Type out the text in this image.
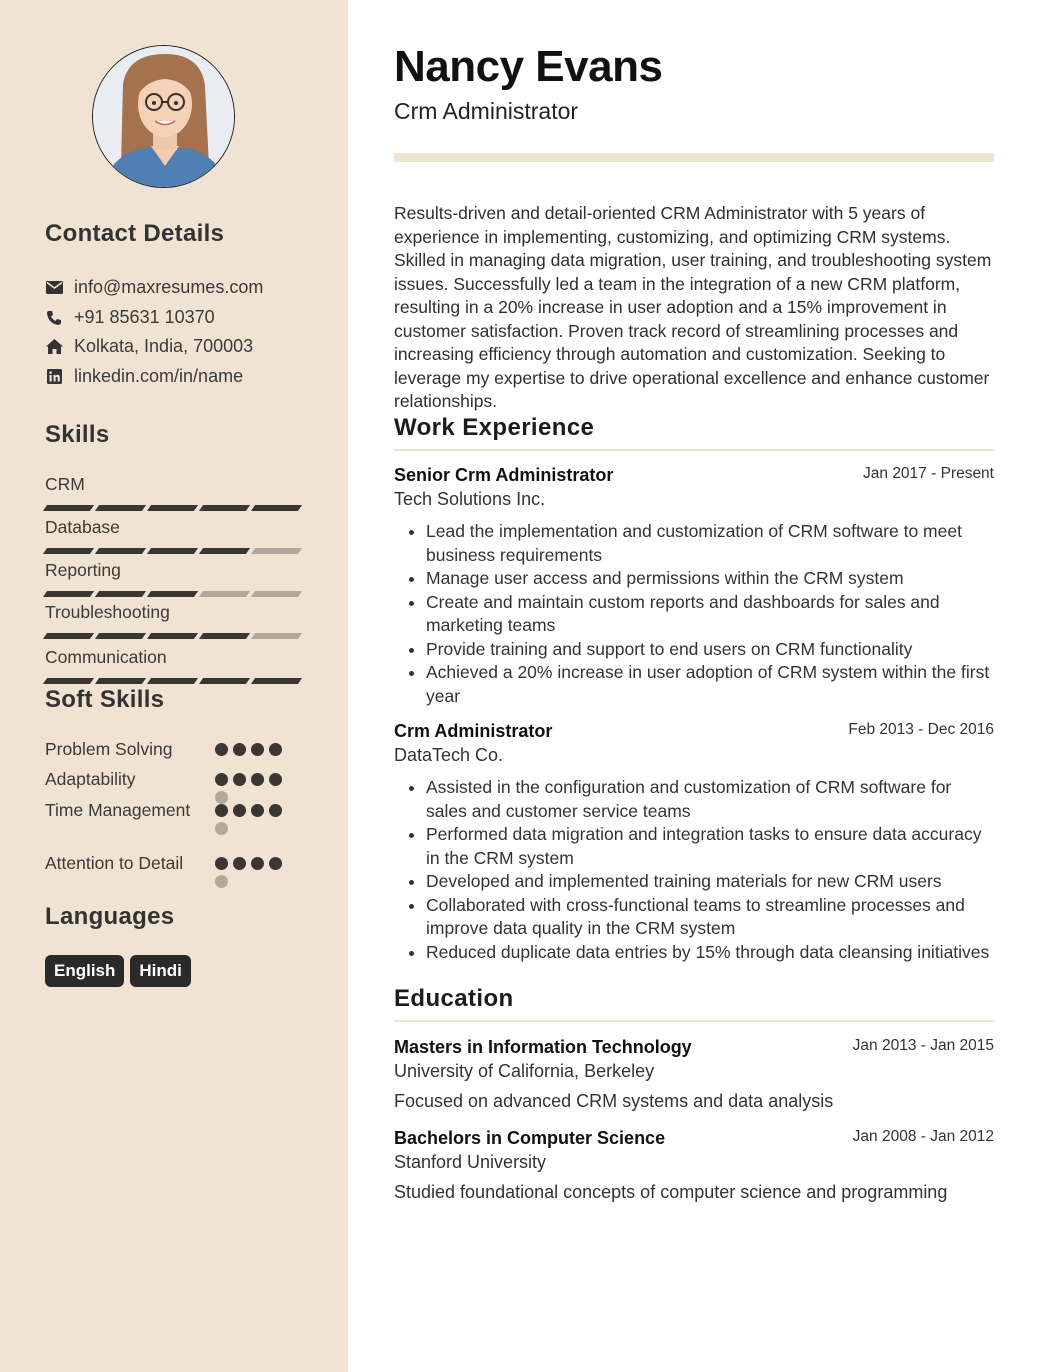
Contact Details
info@maxresumes.com
+91 85631 10370
Kolkata, India, 700003
linkedin.com/in/name
Skills
CRM
Database
Reporting
Troubleshooting
Communication
Soft Skills
Problem Solving
Adaptability
Time Management
Attention to Detail
Languages
English	Hindi
Nancy Evans
Crm Administrator
Results-driven and detail-oriented CRM Administrator with 5 years of experience in implementing, customizing, and optimizing CRM systems. Skilled in managing data migration, user training, and troubleshooting system issues. Successfully led a team in the integration of a new CRM platform, resulting in a 20% increase in user adoption and a 15% improvement in customer satisfaction. Proven track record of streamlining processes and increasing efficiency through automation and customization. Seeking to leverage my expertise to drive operational excellence and enhance customer relationships.
Work Experience
Senior Crm Administrator	Jan 2017 - Present
Tech Solutions Inc.
• Lead the implementation and customization of CRM software to meet business requirements
• Manage user access and permissions within the CRM system
• Create and maintain custom reports and dashboards for sales and marketing teams
• Provide training and support to end users on CRM functionality
• Achieved a 20% increase in user adoption of CRM system within the first year
Crm Administrator	Feb 2013 - Dec 2016
DataTech Co.
• Assisted in the configuration and customization of CRM software for sales and customer service teams
• Performed data migration and integration tasks to ensure data accuracy in the CRM system
• Developed and implemented training materials for new CRM users
• Collaborated with cross-functional teams to streamline processes and improve data quality in the CRM system
• Reduced duplicate data entries by 15% through data cleansing initiatives
Education
Masters in Information Technology	Jan 2013 - Jan 2015
University of California, Berkeley
Focused on advanced CRM systems and data analysis
Bachelors in Computer Science	Jan 2008 - Jan 2012
Stanford University
Studied foundational concepts of computer science and programming
